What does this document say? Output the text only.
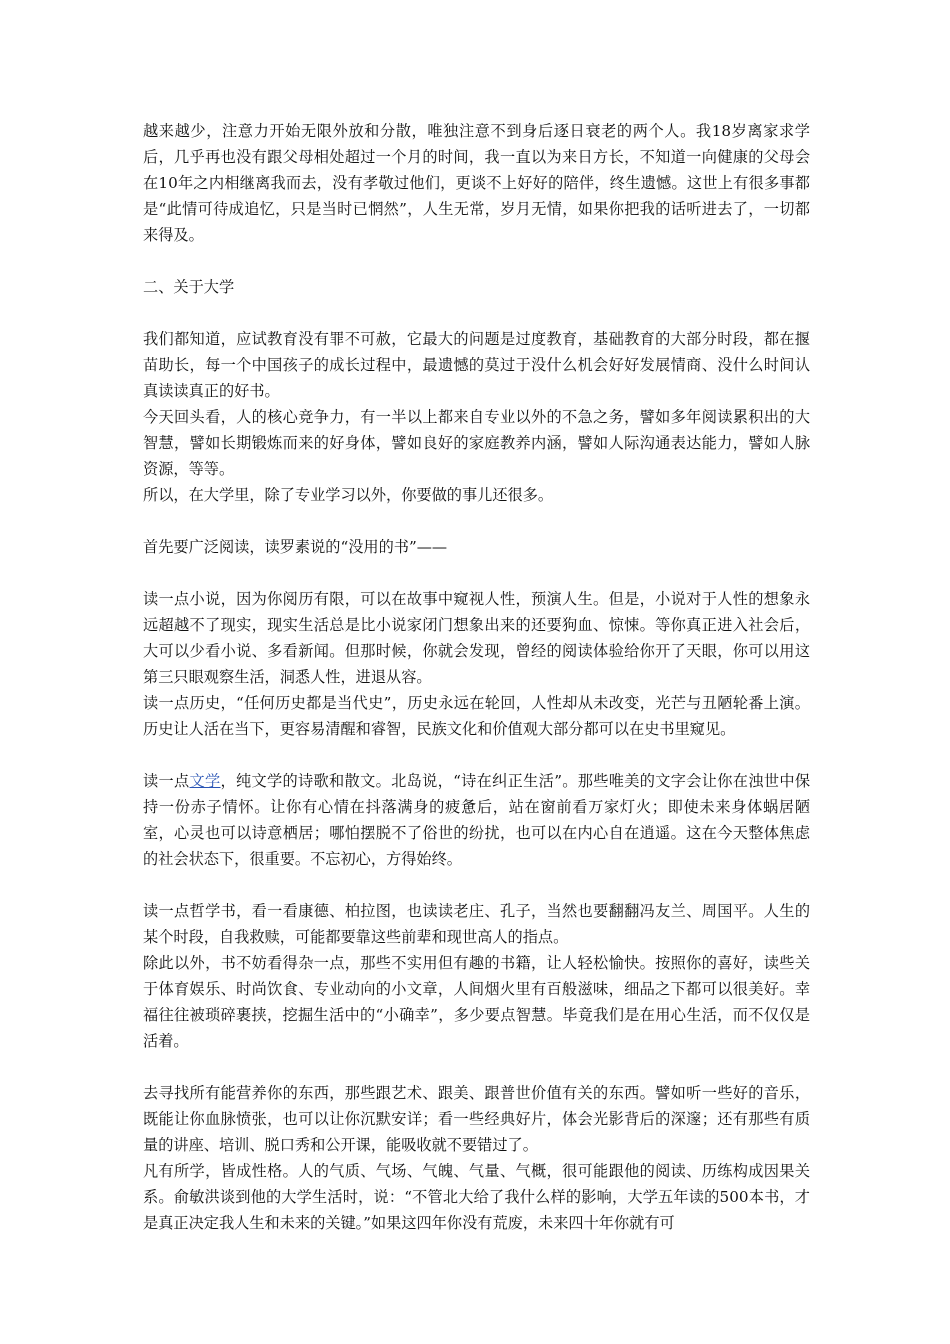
越来越少，注意力开始无限外放和分散，唯独注意不到身后逐日衰老的两个人。我18岁离家求学后，几乎再也没有跟父母相处超过一个月的时间，我一直以为来日方长，不知道一向健康的父母会在10年之内相继离我而去，没有孝敬过他们，更谈不上好好的陪伴，终生遗憾。这世上有很多事都是“此情可待成追忆，只是当时已惘然”，人生无常，岁月无情，如果你把我的话听进去了，一切都来得及。

二、关于大学

我们都知道，应试教育没有罪不可赦，它最大的问题是过度教育，基础教育的大部分时段，都在揠苗助长，每一个中国孩子的成长过程中，最遗憾的莫过于没什么机会好好发展情商、没什么时间认真读读真正的好书。

今天回头看，人的核心竞争力，有一半以上都来自专业以外的不急之务，譬如多年阅读累积出的大智慧，譬如长期锻炼而来的好身体，譬如良好的家庭教养内涵，譬如人际沟通表达能力，譬如人脉资源，等等。

所以，在大学里，除了专业学习以外，你要做的事儿还很多。

首先要广泛阅读，读罗素说的“没用的书”——

读一点小说，因为你阅历有限，可以在故事中窥视人性，预演人生。但是，小说对于人性的想象永远超越不了现实，现实生活总是比小说家闭门想象出来的还要狗血、惊悚。等你真正进入社会后，大可以少看小说、多看新闻。但那时候，你就会发现，曾经的阅读体验给你开了天眼，你可以用这第三只眼观察生活，洞悉人性，进退从容。

读一点历史，“任何历史都是当代史”，历史永远在轮回，人性却从未改变，光芒与丑陋轮番上演。历史让人活在当下，更容易清醒和睿智，民族文化和价值观大部分都可以在史书里窥见。

读一点文学，纯文学的诗歌和散文。北岛说，“诗在纠正生活”。那些唯美的文字会让你在浊世中保持一份赤子情怀。让你有心情在抖落满身的疲惫后，站在窗前看万家灯火；即使未来身体蜗居陋室，心灵也可以诗意栖居；哪怕摆脱不了俗世的纷扰，也可以在内心自在逍遥。这在今天整体焦虑的社会状态下，很重要。不忘初心，方得始终。

读一点哲学书，看一看康德、柏拉图，也读读老庄、孔子，当然也要翻翻冯友兰、周国平。人生的某个时段，自我救赎，可能都要靠这些前辈和现世高人的指点。

除此以外，书不妨看得杂一点，那些不实用但有趣的书籍，让人轻松愉快。按照你的喜好，读些关于体育娱乐、时尚饮食、专业动向的小文章，人间烟火里有百般滋味，细品之下都可以很美好。幸福往往被琐碎裹挟，挖掘生活中的“小确幸”，多少要点智慧。毕竟我们是在用心生活，而不仅仅是活着。

去寻找所有能营养你的东西，那些跟艺术、跟美、跟普世价值有关的东西。譬如听一些好的音乐，既能让你血脉愤张，也可以让你沉默安详；看一些经典好片，体会光影背后的深邃；还有那些有质量的讲座、培训、脱口秀和公开课，能吸收就不要错过了。

凡有所学，皆成性格。人的气质、气场、气魄、气量、气概，很可能跟他的阅读、历练构成因果关系。俞敏洪谈到他的大学生活时，说：“不管北大给了我什么样的影响，大学五年读的500本书，才是真正决定我人生和未来的关键。”如果这四年你没有荒废，未来四十年你就有可
